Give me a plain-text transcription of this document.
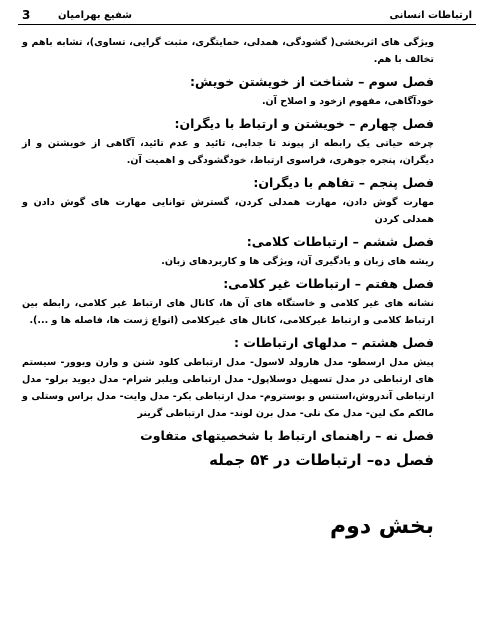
ارتباطات انسانی
شفیع بهرامیان
3

ویژگی های اثربخشی( گشودگی، همدلی، حمایتگری، مثبت گرایی، تساوی)، تشابه باهم و تخالف با هم.

فصل سوم – شناخت از خویشتن خویش:

خودآگاهی، مفهوم ازخود و اصلاح آن.

فصل چهارم – خویشتن و ارتباط با دیگران:

چرخه حیاتی یک رابطه از پیوند تا جدایی، تائید و عدم تائید، آگاهی از خویشتن و از دیگران، پنجره جوهری، فراسوی ارتباط، خودگشودگی و اهمیت آن.

فصل پنجم – تفاهم با دیگران:

مهارت گوش دادن، مهارت همدلی کردن، گسترش توانایی مهارت های گوش دادن و همدلی کردن

فصل ششم – ارتباطات کلامی:

ریشه های زبان و یادگیری آن، ویژگی ها و کاربردهای زبان.

فصل هفتم – ارتباطات غیر کلامی:

نشانه های غیر کلامی و خاستگاه های آن ها، کانال های ارتباط غیر کلامی، رابطه بین ارتباط کلامی و ارتباط غیرکلامی، کانال های غیرکلامی (انواع ژست ها، فاصله ها و ...).

فصل هشتم – مدلهای ارتباطات :

پیش مدل ارسطو- مدل هارولد لاسول- مدل ارتباطی کلود شنن و وارن ویوور- سیستم های ارتباطی در مدل تسهیل دوسلاپول- مدل ارتباطی ویلبر شرام- مدل دیوید برلو- مدل ارتباطی آندروش،استنس و بوستروم- مدل ارتباطی بکر- مدل وایت- مدل براس وستلی و مالکم مک لین- مدل مک نلی- مدل برن لوند- مدل ارتباطی گرینر

فصل نه – راهنمای ارتباط با شخصیتهای متفاوت
فصل ده– ارتباطات در ۵۴ جمله
بخش دوم
